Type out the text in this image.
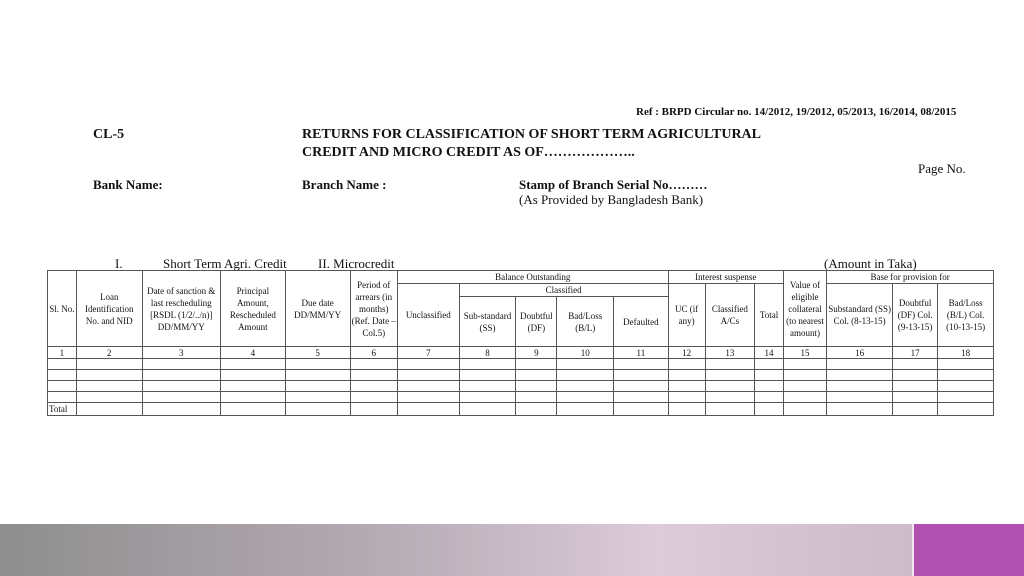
Ref : BRPD Circular no. 14/2012, 19/2012, 05/2013, 16/2014, 08/2015
CL-5	RETURNS FOR CLASSIFICATION OF SHORT TERM AGRICULTURAL
CREDIT AND MICRO CREDIT AS OF………………..
Page No.
Bank Name:	Branch Name :	Stamp of Branch Serial No………
(As Provided by Bangladesh Bank)
I.	Short Term Agri. Credit II. Microcredit	(Amount in Taka)
Sl. No.	Loan Identification No. and NID	Date of sanction & last rescheduling [RSDL (1/2/../n)] DD/MM/YY	Principal Amount, Rescheduled Amount	Due date DD/MM/YY	Period of arrears (in months) (Ref. Date – Col.5)	Balance Outstanding					Interest suspense			Value of eligible collateral (to nearest amount)	Base for provision for		
						Unclassified	Classified				UC (if any)	Classified A/Cs	Total		Substandard (SS) Col. (8-13-15)	Doubtful (DF) Col. (9-13-15)	Bad/Loss (B/L) Col. (10-13-15)
							Sub-standard (SS)	Doubtful (DF)	Bad/Loss (B/L)	Defaulted							
1	2	3	4	5	6	7	8	9	10	11	12	13	14	15	16	17	18

Total																	
